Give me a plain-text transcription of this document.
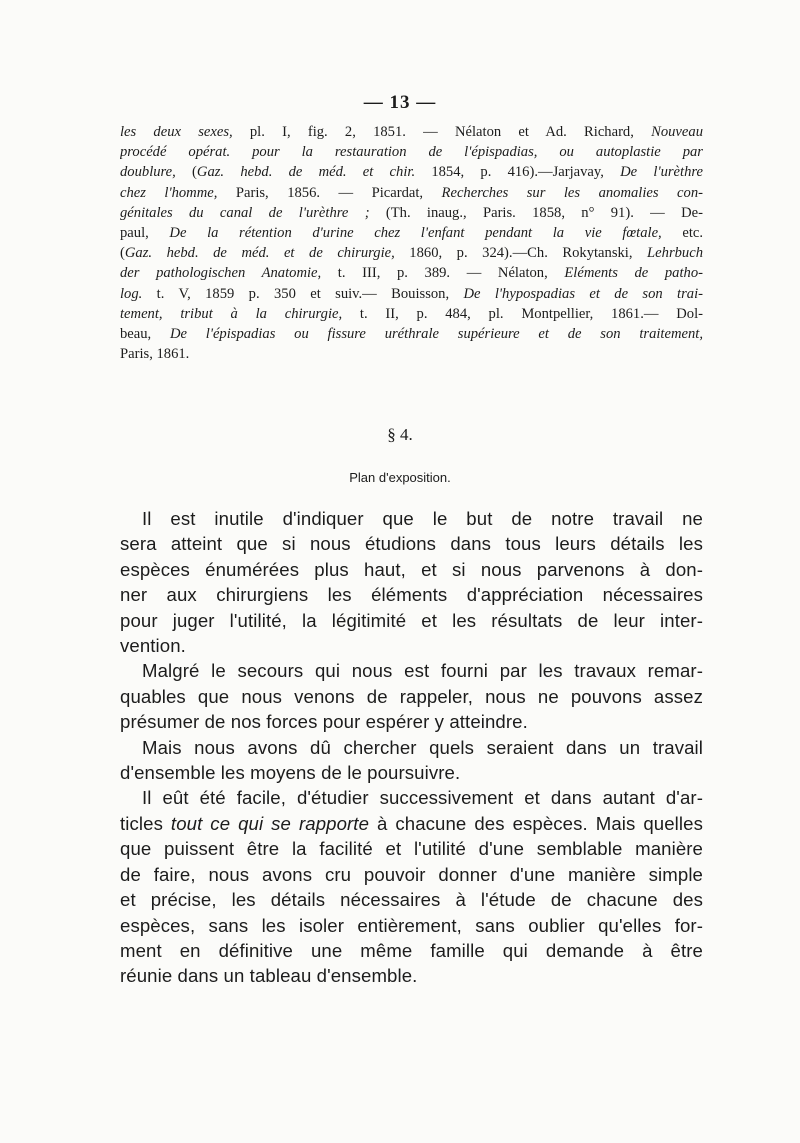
— 13 —
les deux sexes, pl. I, fig. 2, 1851. — Nélaton et Ad. Richard, Nouveau
procédé opérat. pour la restauration de l'épispadias, ou autoplastie par
doublure, (Gaz. hebd. de méd. et chir. 1854, p. 416).—Jarjavay, De l'urèthre
chez l'homme, Paris, 1856. — Picardat, Recherches sur les anomalies con-
génitales du canal de l'urèthre ; (Th. inaug., Paris. 1858, n° 91). — De-
paul, De la rétention d'urine chez l'enfant pendant la vie fœtale, etc.
(Gaz. hebd. de méd. et de chirurgie, 1860, p. 324).—Ch. Rokytanski, Lehrbuch
der pathologischen Anatomie, t. III, p. 389. — Nélaton, Eléments de patho-
log. t. V, 1859 p. 350 et suiv.— Bouisson, De l'hypospadias et de son trai-
tement, tribut à la chirurgie, t. II, p. 484, pl. Montpellier, 1861.— Dol-
beau, De l'épispadias ou fissure uréthrale supérieure et de son traitement,
Paris, 1861.
§ 4.
Plan d'exposition.
Il est inutile d'indiquer que le but de notre travail ne
sera atteint que si nous étudions dans tous leurs détails les
espèces énumérées plus haut, et si nous parvenons à don-
ner aux chirurgiens les éléments d'appréciation nécessaires
pour juger l'utilité, la légitimité et les résultats de leur inter-
vention.
Malgré le secours qui nous est fourni par les travaux remar-
quables que nous venons de rappeler, nous ne pouvons assez
présumer de nos forces pour espérer y atteindre.
Mais nous avons dû chercher quels seraient dans un travail
d'ensemble les moyens de le poursuivre.
Il eût été facile, d'étudier successivement et dans autant d'ar-
ticles tout ce qui se rapporte à chacune des espèces. Mais quelles
que puissent être la facilité et l'utilité d'une semblable manière
de faire, nous avons cru pouvoir donner d'une manière simple
et précise, les détails nécessaires à l'étude de chacune des
espèces, sans les isoler entièrement, sans oublier qu'elles for-
ment en définitive une même famille qui demande à être
réunie dans un tableau d'ensemble.
